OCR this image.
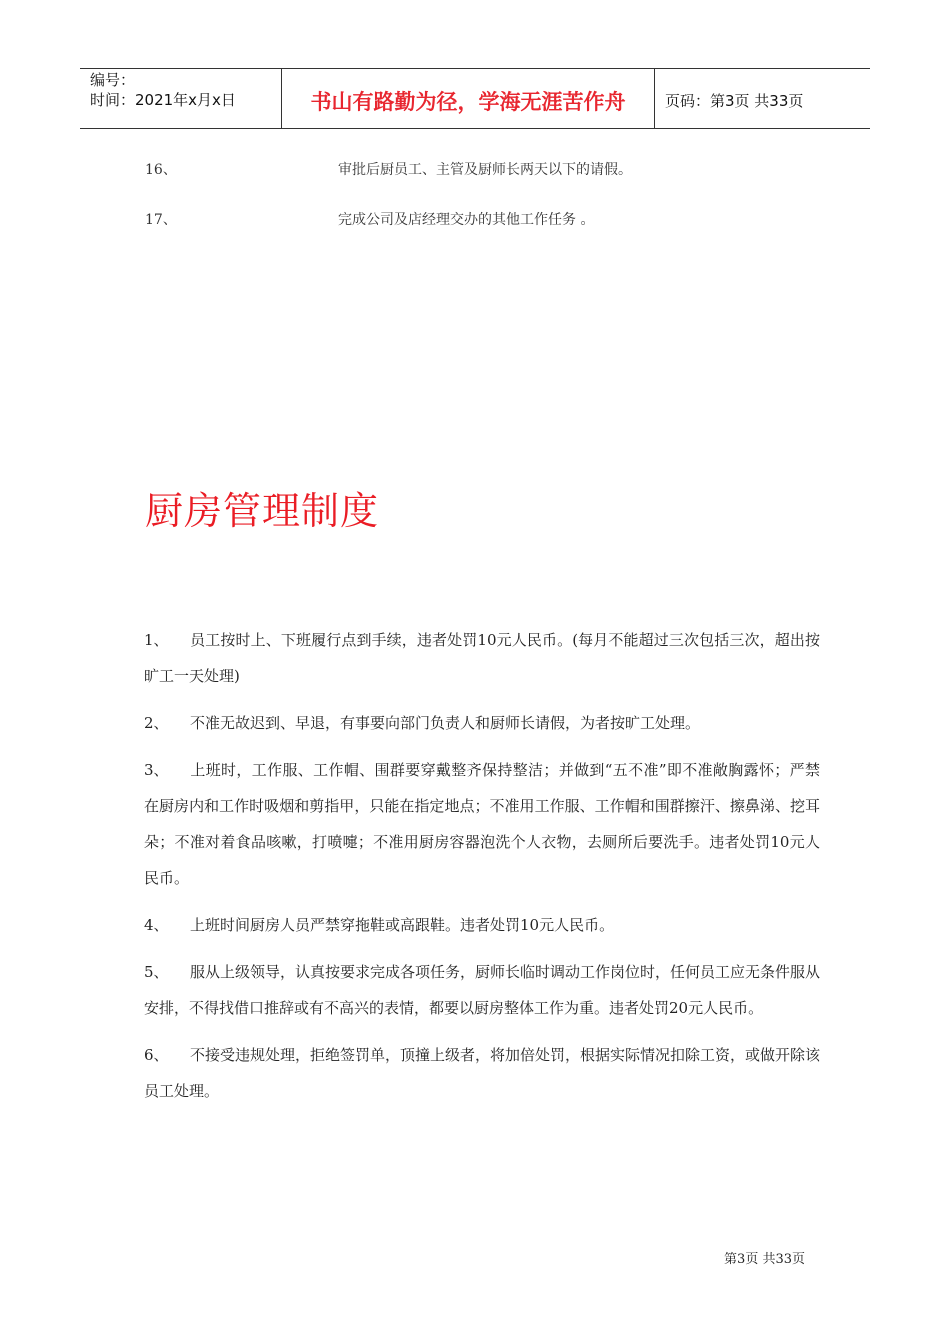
编号：
时间：2021年x月x日	书山有路勤为径，学海无涯苦作舟	页码：第3页 共33页
16、	审批后厨员工、主管及厨师长两天以下的请假。
17、	完成公司及店经理交办的其他工作任务 。
厨房管理制度

1、 员工按时上、下班履行点到手续，违者处罚10元人民币。(每月不能超过三次包括三次，超出按旷工一天处理)

2、 不准无故迟到、早退，有事要向部门负责人和厨师长请假，为者按旷工处理。

3、 上班时，工作服、工作帽、围群要穿戴整齐保持整洁；并做到“五不准”即不准敞胸露怀；严禁在厨房内和工作时吸烟和剪指甲，只能在指定地点；不准用工作服、工作帽和围群擦汗、擦鼻涕、挖耳朵；不准对着食品咳嗽，打喷嚏；不准用厨房容器泡洗个人衣物，去厕所后要洗手。违者处罚10元人民币。

4、 上班时间厨房人员严禁穿拖鞋或高跟鞋。违者处罚10元人民币。

5、 服从上级领导，认真按要求完成各项任务，厨师长临时调动工作岗位时，任何员工应无条件服从安排，不得找借口推辞或有不高兴的表情，都要以厨房整体工作为重。违者处罚20元人民币。

6、 不接受违规处理，拒绝签罚单，顶撞上级者，将加倍处罚，根据实际情况扣除工资，或做开除该员工处理。

第3页 共33页
